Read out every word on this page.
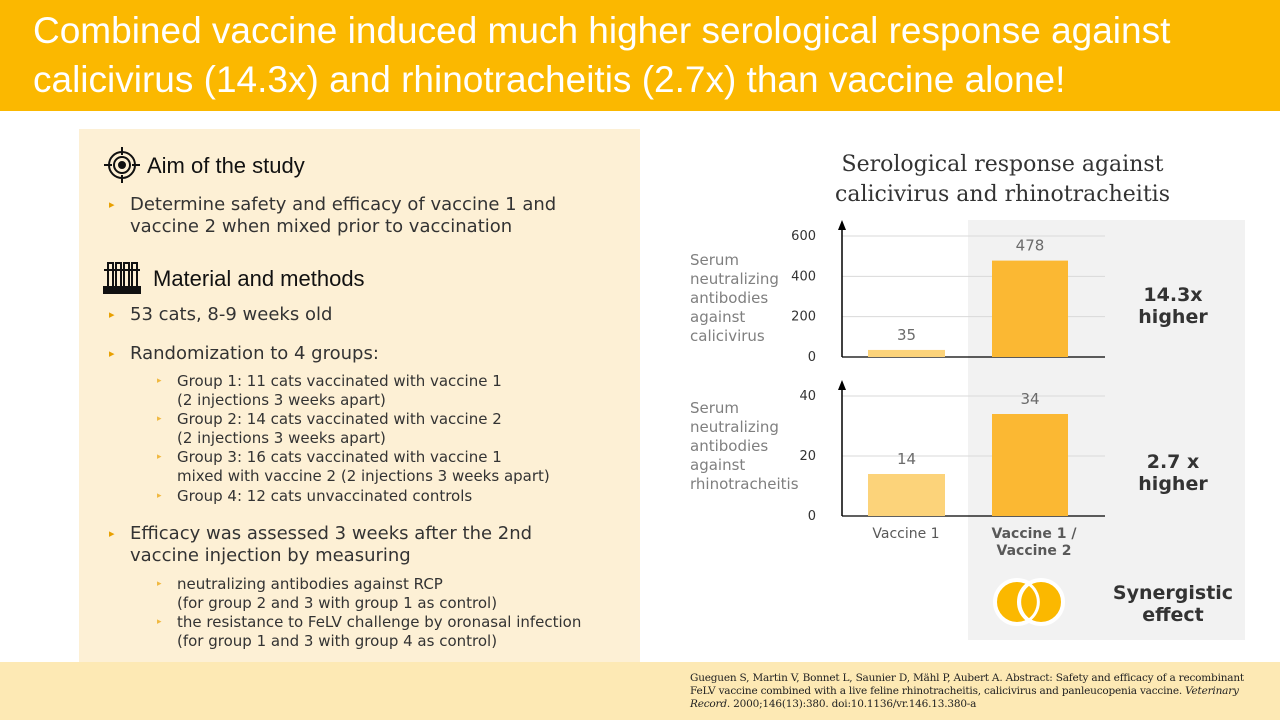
Combined vaccine induced much higher serological response against calicivirus (14.3x) and rhinotracheitis (2.7x) than vaccine alone!
Aim of the study
▸ Determine safety and efficacy of vaccine 1 and vaccine 2 when mixed prior to vaccination
Material and methods
▸ 53 cats, 8-9 weeks old
▸ Randomization to 4 groups:
▸ Group 1: 11 cats vaccinated with vaccine 1
(2 injections 3 weeks apart)
▸ Group 2: 14 cats vaccinated with vaccine 2
(2 injections 3 weeks apart)
▸ Group 3: 16 cats vaccinated with vaccine 1
mixed with vaccine 2 (2 injections 3 weeks apart)
▸ Group 4: 12 cats unvaccinated controls
▸ Efficacy was assessed 3 weeks after the 2nd vaccine injection by measuring
▸ neutralizing antibodies against RCP
(for group 2 and 3 with group 1 as control)
▸ the resistance to FeLV challenge by oronasal infection
(for group 1 and 3 with group 4 as control)
Serological response against calicivirus and rhinotracheitis
Serum neutralizing antibodies against calicivirus
Serum neutralizing antibodies against rhinotracheitis
0
200
400
600
35
478
0
20
40
14
34
Vaccine 1	Vaccine 1 / Vaccine 2
14.3x higher
2.7 x higher
Synergistic effect
Gueguen S, Martin V, Bonnet L, Saunier D, Mähl P, Aubert A. Abstract: Safety and efficacy of a recombinant FeLV vaccine combined with a live feline rhinotracheitis, calicivirus and panleucopenia vaccine. Veterinary Record. 2000;146(13):380. doi:10.1136/vr.146.13.380-a
